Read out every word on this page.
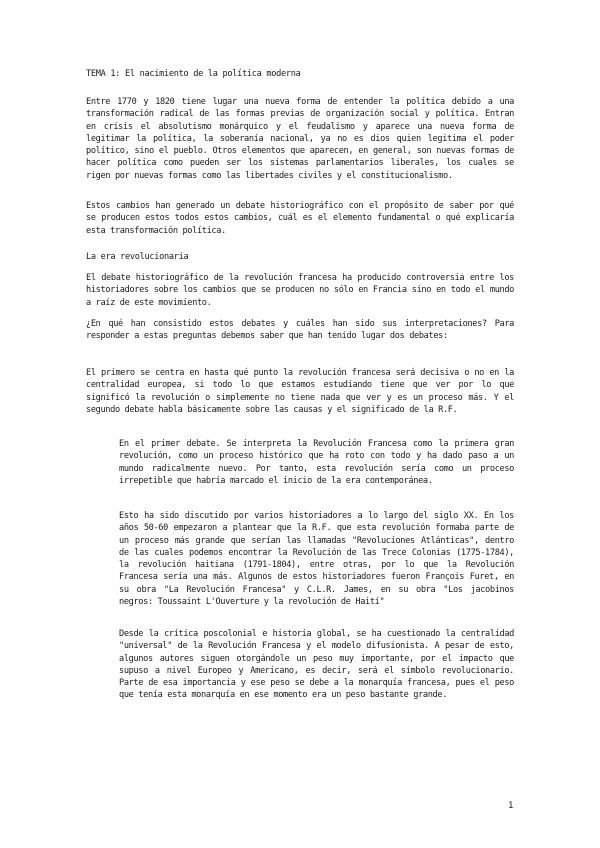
TEMA 1: El nacimiento de la política moderna

Entre 1770 y 1820 tiene lugar una nueva forma de entender la política debido a una transformación radical de las formas previas de organización social y política. Entran en crisis el absolutismo monárquico y el feudalismo y aparece una nueva forma de legitimar la política, la soberanía nacional, ya no es dios quien legitima el poder político, sino el pueblo. Otros elementos que aparecen, en general, son nuevas formas de hacer política como pueden ser los sistemas parlamentarios liberales, los cuales se rigen por nuevas formas como las libertades civiles y el constitucionalismo.

Estos cambios han generado un debate historiográfico con el propósito de saber por qué se producen estos todos estos cambios, cuál es el elemento fundamental o qué explicaría esta transformación política.

La era revolucionaria

El debate historiográfico de la revolución francesa ha producido controversia entre los historiadores sobre los cambios que se producen no sólo en Francia sino en todo el mundo a raíz de este movimiento.

¿En qué han consistido estos debates y cuáles han sido sus interpretaciones? Para responder a estas preguntas debemos saber que han tenido lugar dos debates:

El primero se centra en hasta qué punto la revolución francesa será decisiva o no en la centralidad europea, si todo lo que estamos estudiando tiene que ver por lo que significó la revolución o simplemente no tiene nada que ver y es un proceso más. Y el segundo debate habla básicamente sobre las causas y el significado de la R.F.

En el primer debate. Se interpreta la Revolución Francesa como la primera gran revolución, como un proceso histórico que ha roto con todo y ha dado paso a un mundo radicalmente nuevo. Por tanto, esta revolución sería como un proceso irrepetible que habría marcado el inicio de la era contemporánea.

Esto ha sido discutido por varios historiadores a lo largo del siglo XX. En los años 50-60 empezaron a plantear que la R.F. que esta revolución formaba parte de un proceso más grande que serían las llamadas "Revoluciones Atlánticas", dentro de las cuales podemos encontrar la Revolución de las Trece Colonias (1775-1784), la revolución haitiana (1791-1804), entre otras, por lo que la Revolución Francesa sería una más. Algunos de estos historiadores fueron François Furet, en su obra "La Revolución Francesa" y C.L.R. James, en su obra "Los jacobinos negros: Toussaint L'Ouverture y la revolución de Haití"

Desde la crítica poscolonial e historia global, se ha cuestionado la centralidad "universal" de la Revolución Francesa y el modelo difusionista. A pesar de esto, algunos autores siguen otorgándole un peso muy importante, por el impacto que supuso a nivel Europeo y Americano, es decir, será el símbolo revolucionario. Parte de esa importancia y ese peso se debe a la monarquía francesa, pues el peso que tenía esta monarquía en ese momento era un peso bastante grande.

1
